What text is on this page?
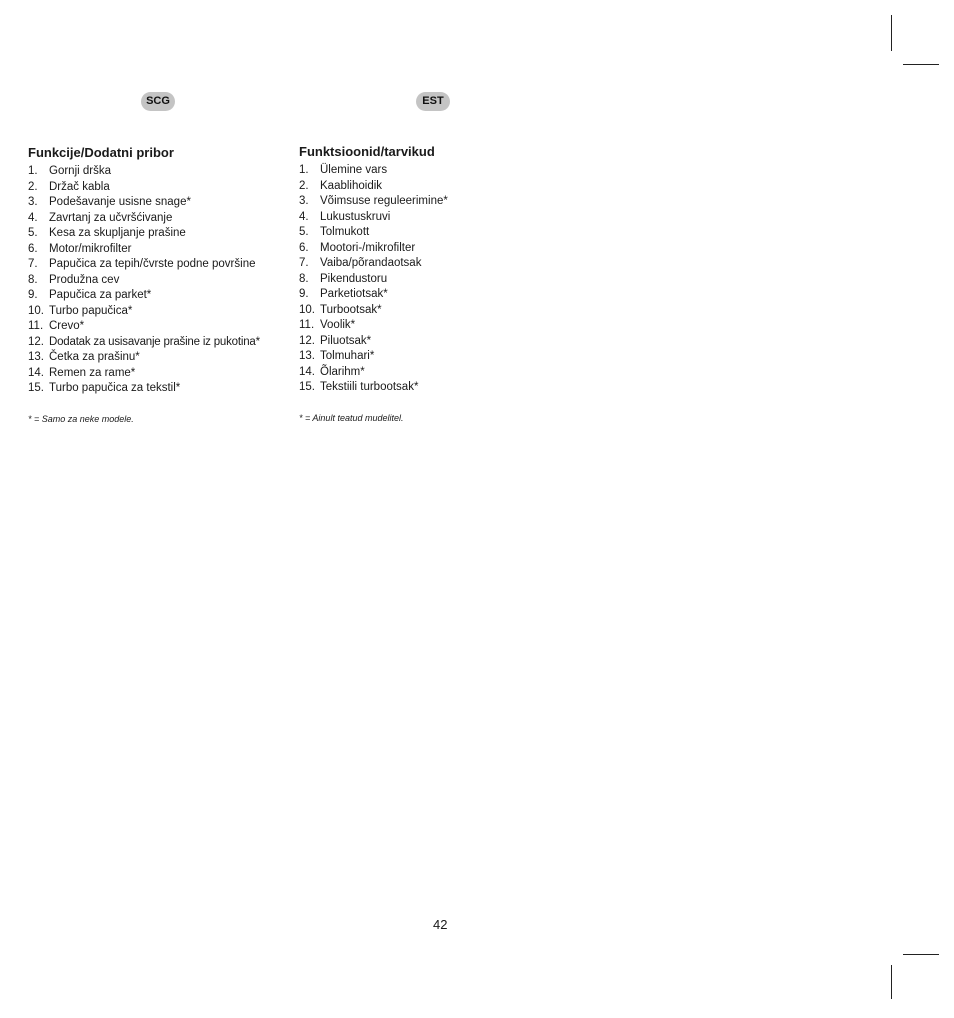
SCG	EST
Funkcije/Dodatni pribor
1. Gornji drška
2. Držač kabla
3. Podešavanje usisne snage*
4. Zavrtanj za učvršćivanje
5. Kesa za skupljanje prašine
6. Motor/mikrofilter
7. Papučica za tepih/čvrste podne površine
8. Produžna cev
9. Papučica za parket*
10. Turbo papučica*
11. Crevo*
12. Dodatak za usisavanje prašine iz pukotina*
13. Četka za prašinu*
14. Remen za rame*
15. Turbo papučica za tekstil*
* = Samo za neke modele.
Funktsioonid/tarvikud
1. Ülemine vars
2. Kaablihoidik
3. Võimsuse reguleerimine*
4. Lukustuskruvi
5. Tolmukott
6. Mootori-/mikrofilter
7. Vaiba/põrandaotsak
8. Pikendustoru
9. Parketiotsak*
10. Turbootsak*
11. Voolik*
12. Piluotsak*
13. Tolmuhari*
14. Õlarihm*
15. Tekstiili turbootsak*
* = Ainult teatud mudelitel.
42
